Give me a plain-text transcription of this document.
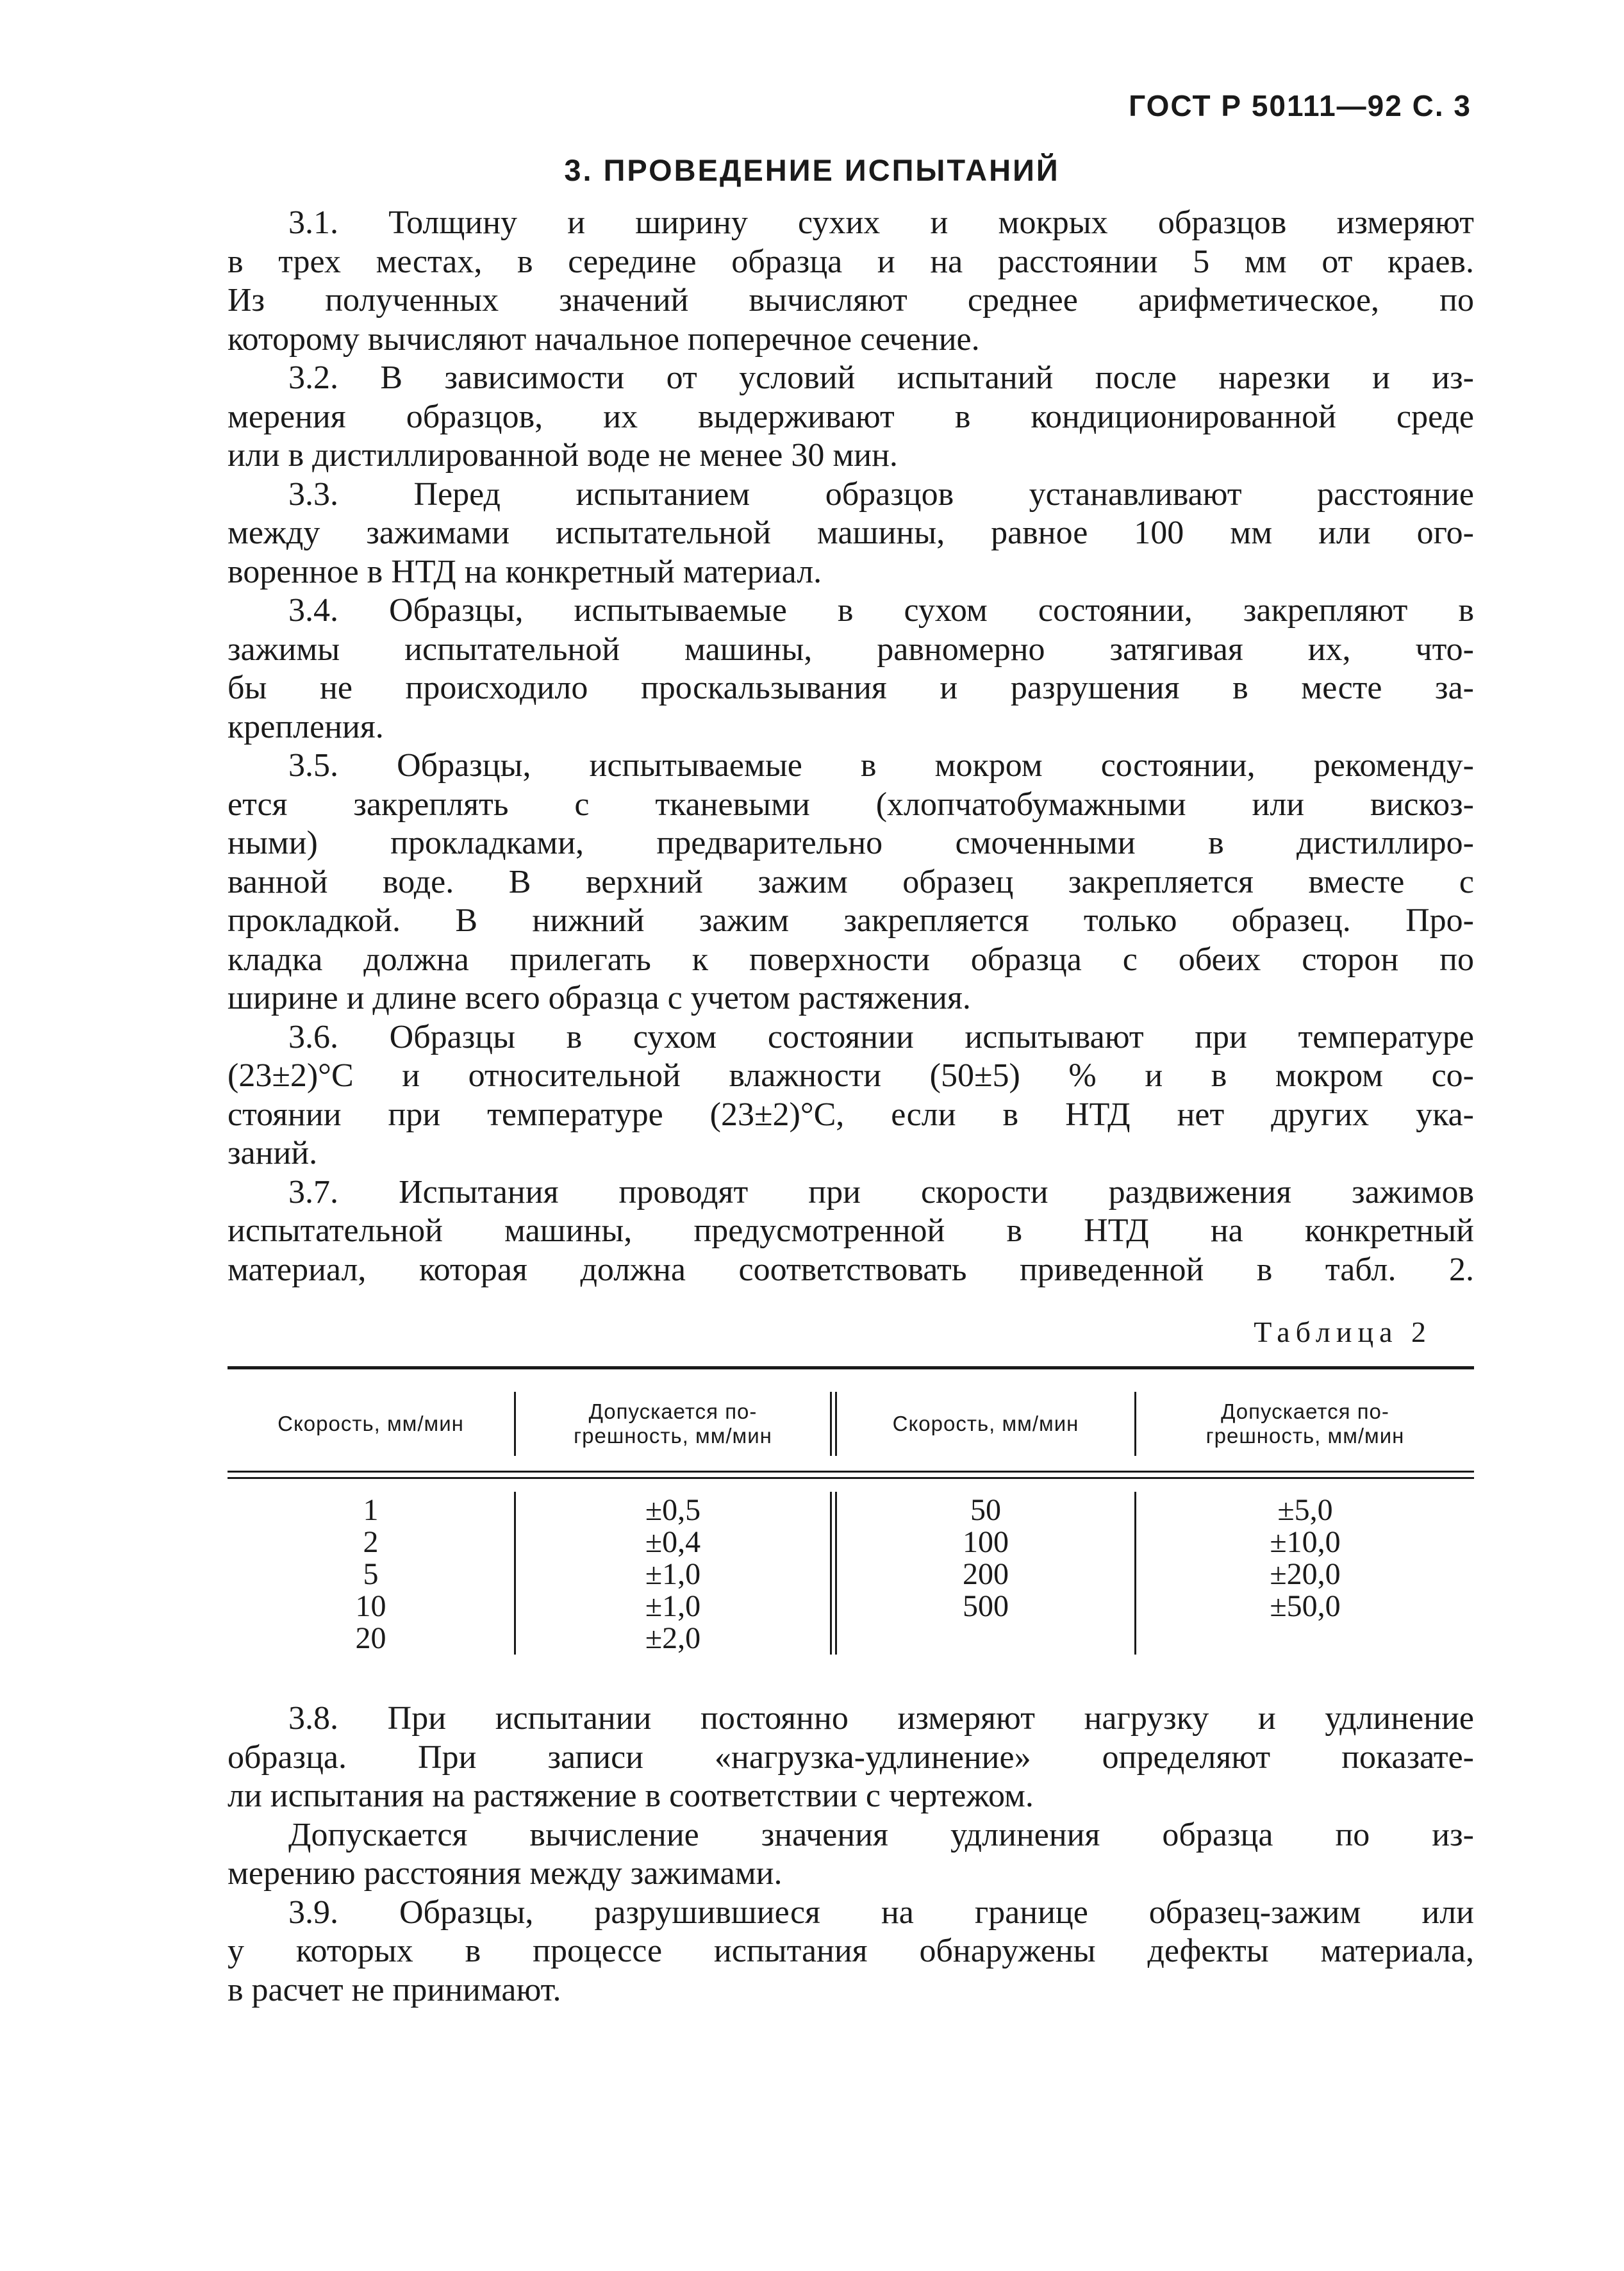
ГОСТ Р 50111—92 С. 3
3. ПРОВЕДЕНИЕ ИСПЫТАНИЙ
3.1. Толщину и ширину сухих и мокрых образцов измеряют
в трех местах, в середине образца и на расстоянии 5 мм от краев.
Из полученных значений вычисляют среднее арифметическое, по
которому вычисляют начальное поперечное сечение.
3.2. В зависимости от условий испытаний после нарезки и из-
мерения образцов, их выдерживают в кондиционированной среде
или в дистиллированной воде не менее 30 мин.
3.3. Перед испытанием образцов устанавливают расстояние
между зажимами испытательной машины, равное 100 мм или ого-
воренное в НТД на конкретный материал.
3.4. Образцы, испытываемые в сухом состоянии, закрепляют в
зажимы испытательной машины, равномерно затягивая их, что-
бы не происходило проскальзывания и разрушения в месте за-
крепления.
3.5. Образцы, испытываемые в мокром состоянии, рекоменду-
ется закреплять с тканевыми (хлопчатобумажными или вискоз-
ными) прокладками, предварительно смоченными в дистиллиро-
ванной воде. В верхний зажим образец закрепляется вместе с
прокладкой. В нижний зажим закрепляется только образец. Про-
кладка должна прилегать к поверхности образца с обеих сторон по
ширине и длине всего образца с учетом растяжения.
3.6. Образцы в сухом состоянии испытывают при температуре
(23±2)°С и относительной влажности (50±5) % и в мокром со-
стоянии при температуре (23±2)°С, если в НТД нет других ука-
заний.
3.7. Испытания проводят при скорости раздвижения зажимов
испытательной машины, предусмотренной в НТД на конкретный
материал, которая должна соответствовать приведенной в табл. 2.
Таблица 2
Скорость, мм/мин
Допускается по-
грешность, мм/мин
Скорость, мм/мин
Допускается по-
грешность, мм/мин
1
2
5
10
20
±0,5
±0,4
±1,0
±1,0
±2,0
50
100
200
500
±5,0
±10,0
±20,0
±50,0
3.8. При испытании постоянно измеряют нагрузку и удлинение
образца. При записи «нагрузка-удлинение» определяют показате-
ли испытания на растяжение в соответствии с чертежом.
Допускается вычисление значения удлинения образца по из-
мерению расстояния между зажимами.
3.9. Образцы, разрушившиеся на границе образец-зажим или
у которых в процессе испытания обнаружены дефекты материала,
в расчет не принимают.
